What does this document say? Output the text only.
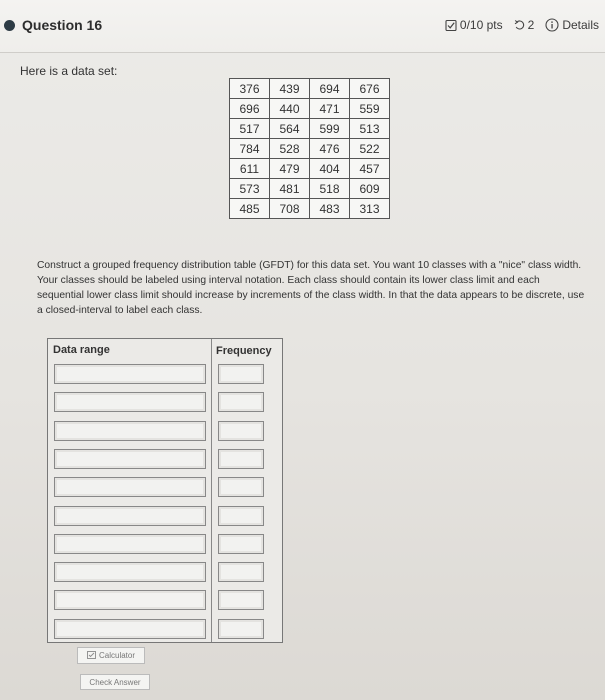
Question 16	0/10 pts 2 Details
Here is a data set:
376	439	694	676
696	440	471	559
517	564	599	513
784	528	476	522
611	479	404	457
573	481	518	609
485	708	483	313
Construct a grouped frequency distribution table (GFDT) for this data set. You want 10 classes with a "nice" class width. Your classes should be labeled using interval notation. Each class should contain its lower class limit and each sequential lower class limit should increase by increments of the class width. In that the data appears to be discrete, use a closed-interval to label each class.
Data range	Frequency
Calculator
Check Answer
